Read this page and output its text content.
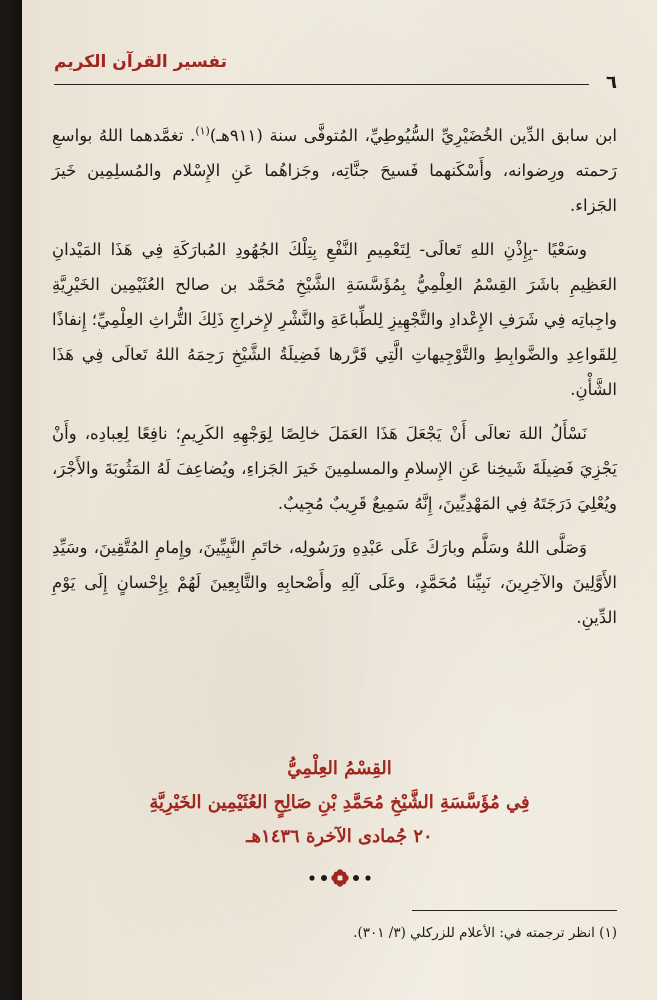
تفسير القرآن الكريم
٦

ابن سابق الدِّين الخُضَيْرِيِّ السُّيُوطِيِّ، المُتوفَّى سنة (٩١١هـ)$^{(١)}$. تغمَّدهما اللهُ بواسعِ رَحمته ورِضوانه، وأَسْكَنهما فَسيحَ جنَّاتِه، وجَزاهُما عَنِ الإِسْلام والمُسلِمِين خَيرَ الجَزاء.

وسَعْيًا -بِإِذْنِ اللهِ تَعالَى- لِتَعْمِيمِ النَّفْعِ بِتِلْكَ الجُهُودِ المُبارَكَةِ فِي هَذَا المَيْدانِ العَظِيمِ باشَرَ القِسْمُ العِلْمِيُّ بِمُؤَسَّسَةِ الشَّيْخِ مُحَمَّد بن صالح العُثَيْمِين الخَيْرِيَّةِ واجِباتِه فِي شَرَفِ الإِعْدادِ والتَّجْهِيزِ لِلطِّباعَةِ والنَّشْرِ لإِخراجِ ذَلِكَ التُّراثِ العِلْمِيِّ؛ إِنفاذًا لِلقَواعِدِ والضَّوابِطِ والتَّوْجِيهاتِ الَّتِي قَرَّرها فَضِيلَةُ الشَّيْخِ رَحِمَهُ اللهُ تَعالَى فِي هَذَا الشَّأْنِ.

نَسْأَلُ اللهَ تعالَى أَنْ يَجْعَلَ هَذَا العَمَلَ خالِصًا لِوَجْهِهِ الكَرِيمِ؛ نافِعًا لِعِبادِه، وأَنْ يَجْزِيَ فَضِيلَةَ شَيخِنا عَنِ الإِسلامِ والمسلمِينَ خَيرَ الجَزاءِ، ويُضاعِفَ لَهُ المَثُوبَةَ والأَجْرَ، ويُعْلِيَ دَرَجَتَهُ فِي المَهْدِيِّينَ، إِنَّهُ سَمِيعٌ قَرِيبٌ مُجِيبٌ.

وَصَلَّى اللهُ وسَلَّم وبارَكَ عَلَى عَبْدِهِ ورَسُولِه، خاتَمِ النَّبِيِّينَ، وإِمامِ المُتَّقِينَ، وسَيِّدِ الأَوَّلِينَ والآخِرِينَ، نَبِيِّنا مُحَمَّدٍ، وعَلَى آلِهِ وأَصْحابِهِ والتَّابِعِينَ لَهُمْ بِإِحْسانٍ إِلَى يَوْمِ الدِّينِ.

القِسْمُ العِلْمِيُّ
فِي مُؤَسَّسَةِ الشَّيْخِ مُحَمَّدِ بْنِ صَالِحٍ العُثَيْمِين الخَيْرِيَّةِ
٢٠ جُمادى الآخرة ١٤٣٦هـ
(١) انظر ترجمته في: الأعلام للزركلي (٣/ ٣٠١).
